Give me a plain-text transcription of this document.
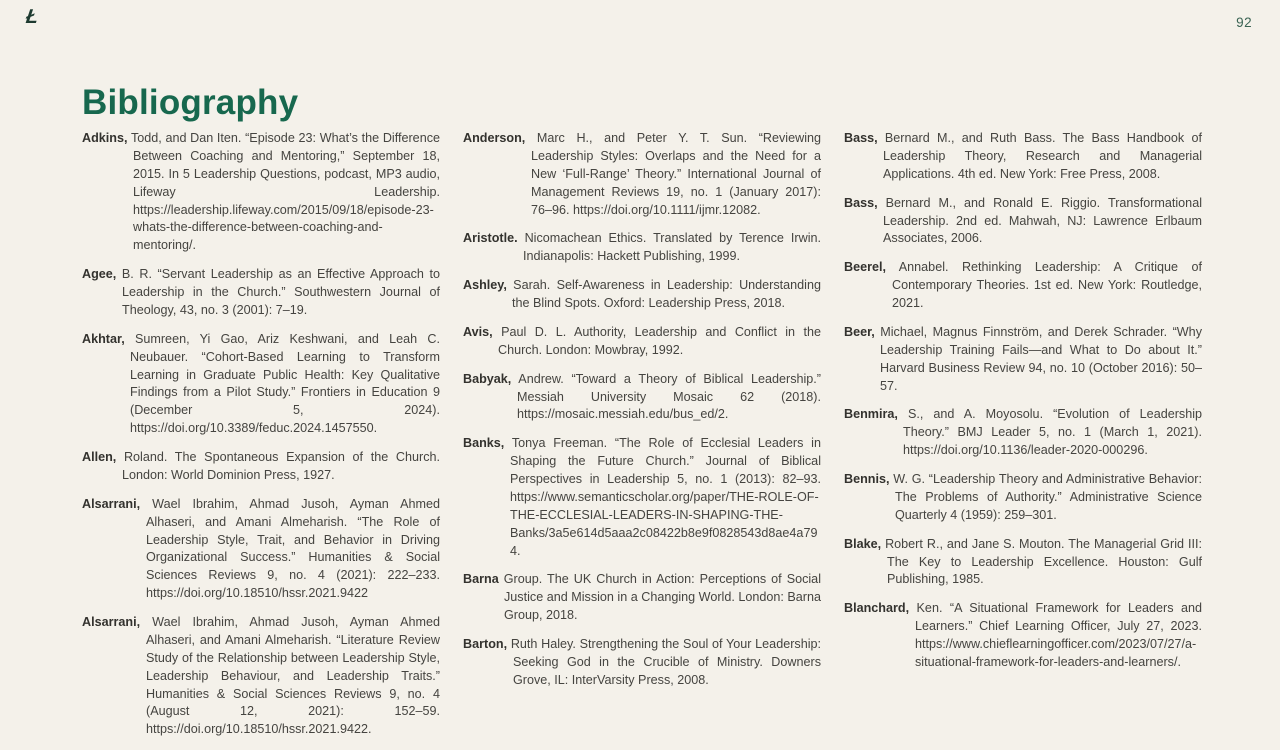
Ł	92
Bibliography

Adkins, Todd, and Dan Iten. “Episode 23: What’s the Difference Between Coaching and Mentoring,” September 18, 2015. In 5 Leadership Questions, podcast, MP3 audio, Lifeway Leadership. https://leadership.lifeway.com/2015/09/18/episode-23-whats-the-difference-between-coaching-and-mentoring/.

Agee, B. R. “Servant Leadership as an Effective Approach to Leadership in the Church.” Southwestern Journal of Theology, 43, no. 3 (2001): 7–19.

Akhtar, Sumreen, Yi Gao, Ariz Keshwani, and Leah C. Neubauer. “Cohort-Based Learning to Transform Learning in Graduate Public Health: Key Qualitative Findings from a Pilot Study.” Frontiers in Education 9 (December 5, 2024). https://doi.org/10.3389/feduc.2024.1457550.

Allen, Roland. The Spontaneous Expansion of the Church. London: World Dominion Press, 1927.

Alsarrani, Wael Ibrahim, Ahmad Jusoh, Ayman Ahmed Alhaseri, and Amani Almeharish. “The Role of Leadership Style, Trait, and Behavior in Driving Organizational Success.” Humanities & Social Sciences Reviews 9, no. 4 (2021): 222–233. https://doi.org/10.18510/hssr.2021.9422

Alsarrani, Wael Ibrahim, Ahmad Jusoh, Ayman Ahmed Alhaseri, and Amani Almeharish. “Literature Review Study of the Relationship between Leadership Style, Leadership Behaviour, and Leadership Traits.” Humanities & Social Sciences Reviews 9, no. 4 (August 12, 2021): 152–59. https://doi.org/10.18510/hssr.2021.9422.

Anderson, Marc H., and Peter Y. T. Sun. “Reviewing Leadership Styles: Overlaps and the Need for a New ‘Full-Range’ Theory.” International Journal of Management Reviews 19, no. 1 (January 2017): 76–96. https://doi.org/10.1111/ijmr.12082.

Aristotle. Nicomachean Ethics. Translated by Terence Irwin. Indianapolis: Hackett Publishing, 1999.

Ashley, Sarah. Self-Awareness in Leadership: Understanding the Blind Spots. Oxford: Leadership Press, 2018.

Avis, Paul D. L. Authority, Leadership and Conflict in the Church. London: Mowbray, 1992.

Babyak, Andrew. “Toward a Theory of Biblical Leadership.” Messiah University Mosaic 62 (2018). https://mosaic.messiah.edu/bus_ed/2.

Banks, Tonya Freeman. “The Role of Ecclesial Leaders in Shaping the Future Church.” Journal of Biblical Perspectives in Leadership 5, no. 1 (2013): 82–93. https://www.semanticscholar.org/paper/THE-ROLE-OF-THE-ECCLESIAL-LEADERS-IN-SHAPING-THE-Banks/3a5e614d5aaa2c08422b8e9f0828543d8ae4a794.

Barna Group. The UK Church in Action: Perceptions of Social Justice and Mission in a Changing World. London: Barna Group, 2018.

Barton, Ruth Haley. Strengthening the Soul of Your Leadership: Seeking God in the Crucible of Ministry. Downers Grove, IL: InterVarsity Press, 2008.

Bass, Bernard M., and Ruth Bass. The Bass Handbook of Leadership Theory, Research and Managerial Applications. 4th ed. New York: Free Press, 2008.

Bass, Bernard M., and Ronald E. Riggio. Transformational Leadership. 2nd ed. Mahwah, NJ: Lawrence Erlbaum Associates, 2006.

Beerel, Annabel. Rethinking Leadership: A Critique of Contemporary Theories. 1st ed. New York: Routledge, 2021.

Beer, Michael, Magnus Finnström, and Derek Schrader. “Why Leadership Training Fails—and What to Do about It.” Harvard Business Review 94, no. 10 (October 2016): 50–57.

Benmira, S., and A. Moyosolu. “Evolution of Leadership Theory.” BMJ Leader 5, no. 1 (March 1, 2021). https://doi.org/10.1136/leader-2020-000296.

Bennis, W. G. “Leadership Theory and Administrative Behavior: The Problems of Authority.” Administrative Science Quarterly 4 (1959): 259–301.

Blake, Robert R., and Jane S. Mouton. The Managerial Grid III: The Key to Leadership Excellence. Houston: Gulf Publishing, 1985.

Blanchard, Ken. “A Situational Framework for Leaders and Learners.” Chief Learning Officer, July 27, 2023. https://www.chieflearningofficer.com/2023/07/27/a-situational-framework-for-leaders-and-learners/.
